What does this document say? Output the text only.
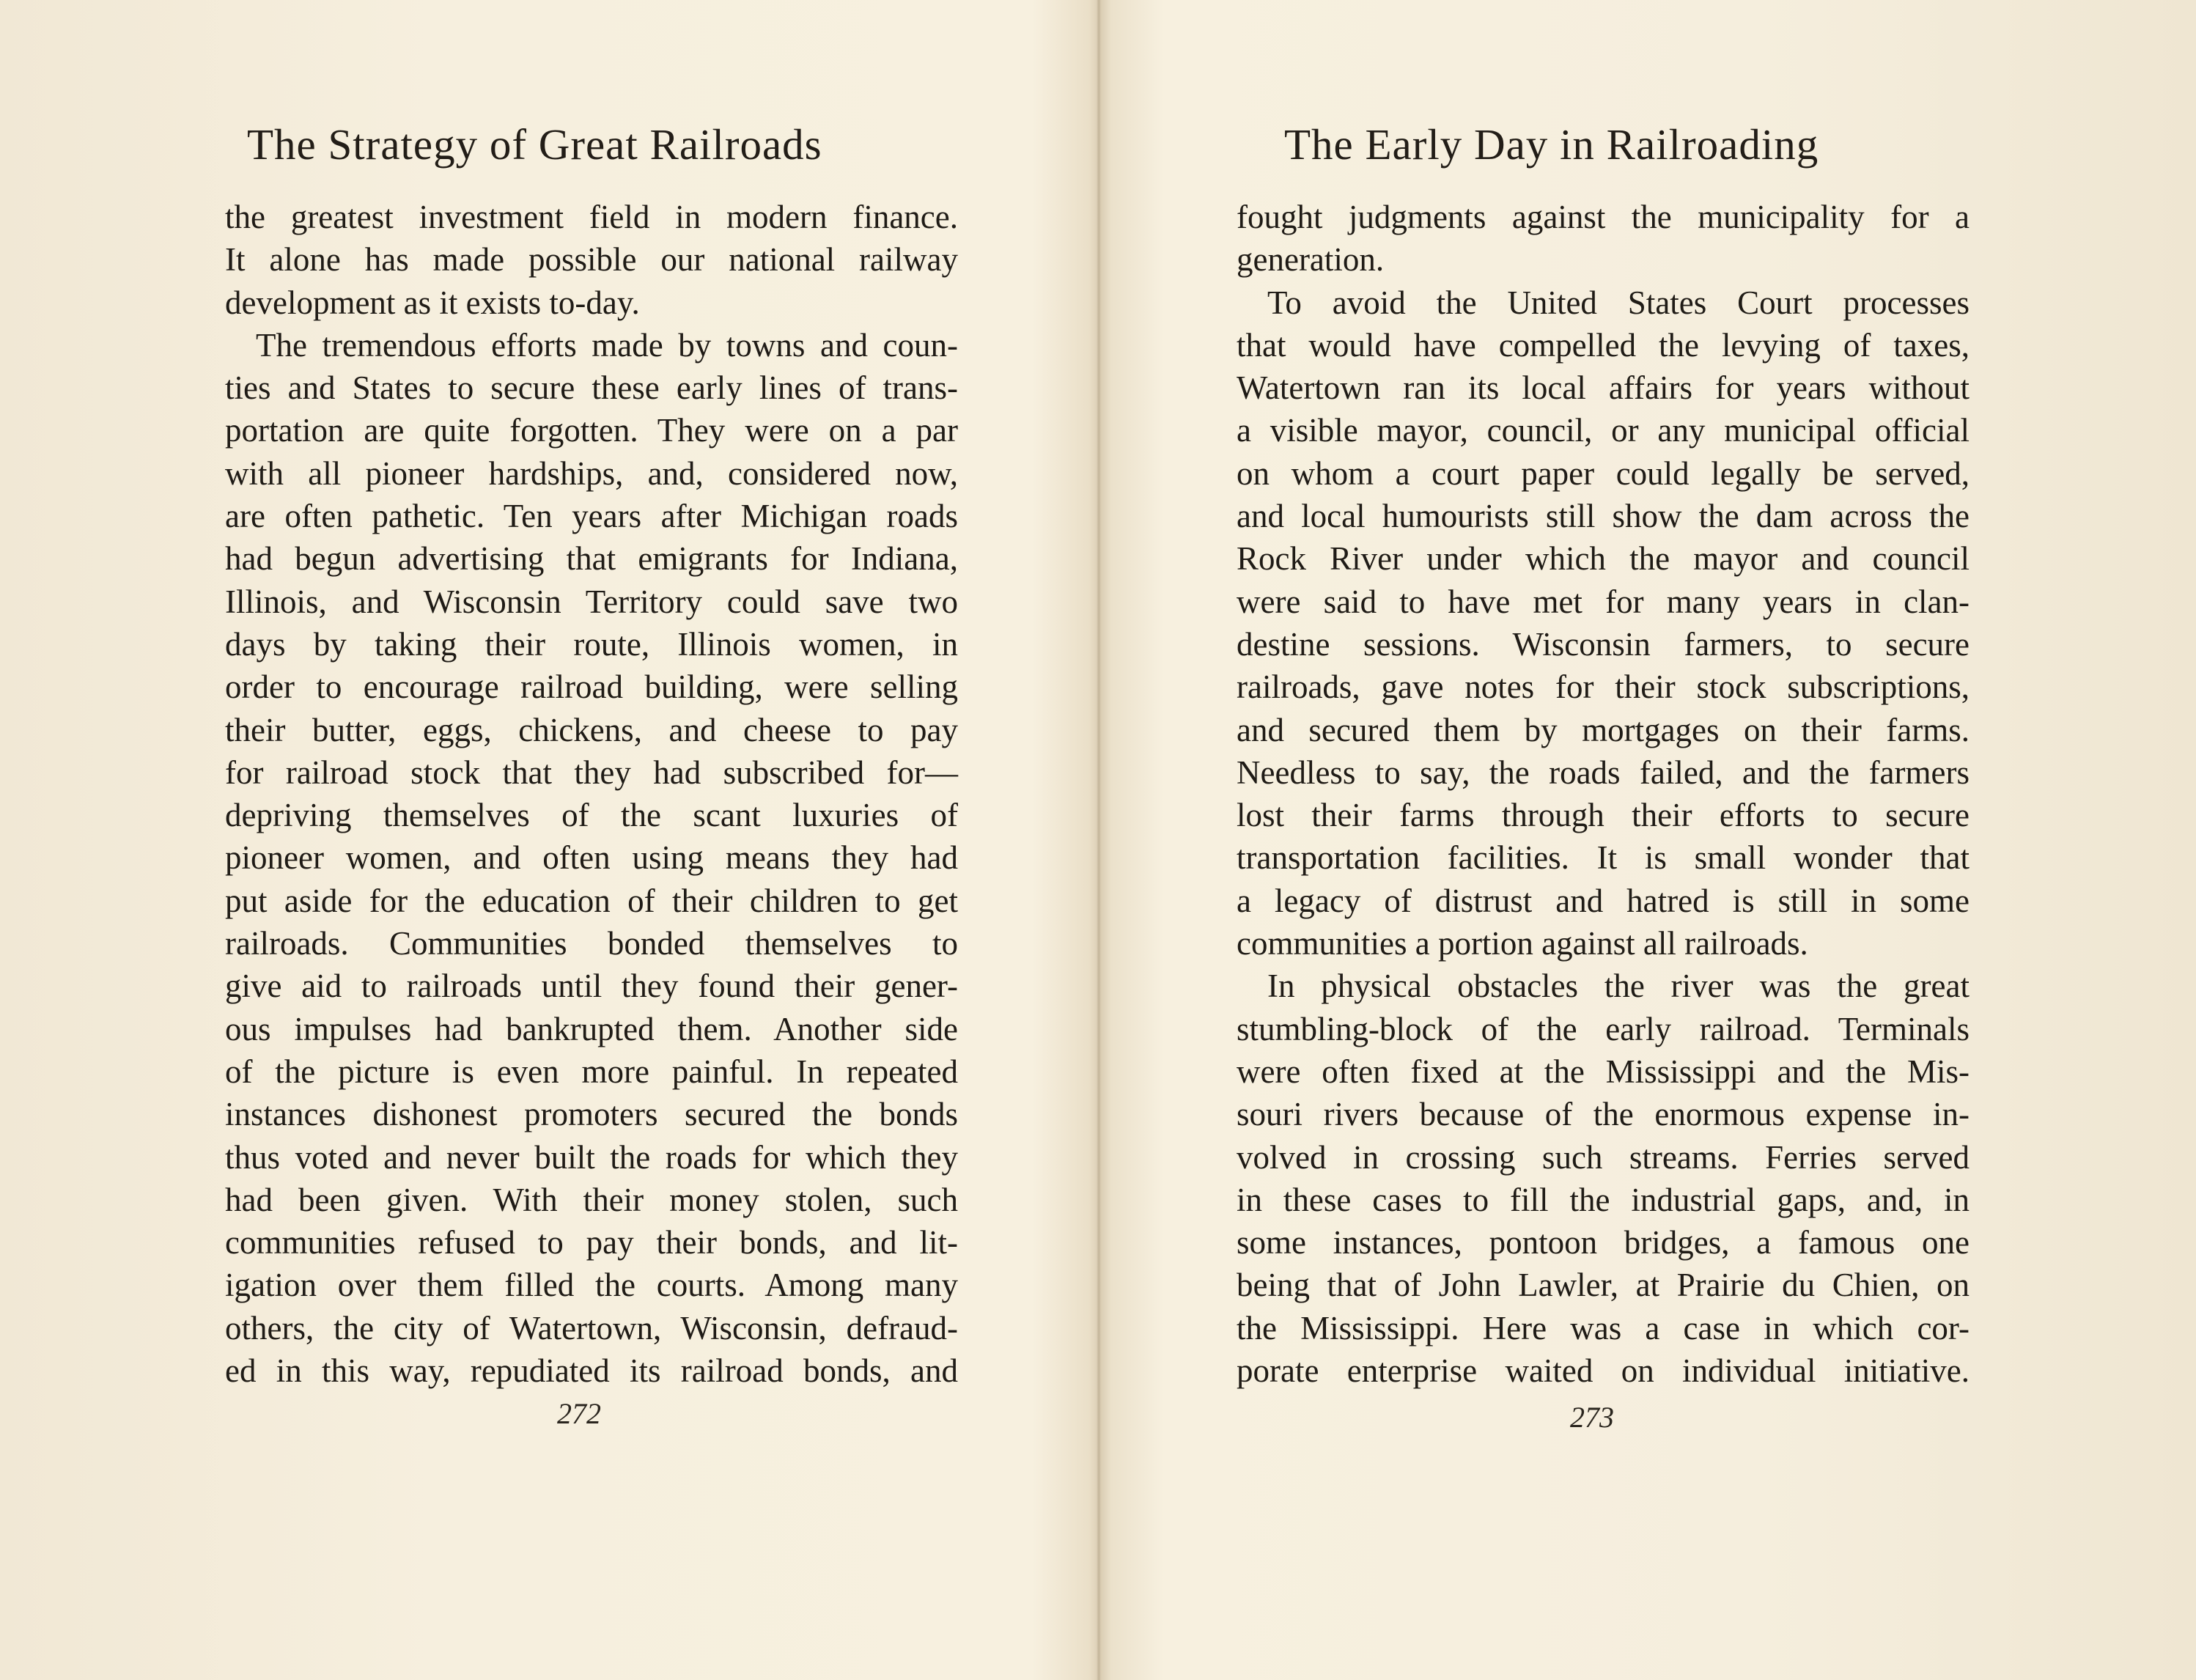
The Strategy of Great Railroads
the greatest investment field in modern finance.
It alone has made possible our national railway
development as it exists to-day.
The tremendous efforts made by towns and coun-
ties and States to secure these early lines of trans-
portation are quite forgotten. They were on a par
with all pioneer hardships, and, considered now,
are often pathetic. Ten years after Michigan roads
had begun advertising that emigrants for Indiana,
Illinois, and Wisconsin Territory could save two
days by taking their route, Illinois women, in
order to encourage railroad building, were selling
their butter, eggs, chickens, and cheese to pay
for railroad stock that they had subscribed for—
depriving themselves of the scant luxuries of
pioneer women, and often using means they had
put aside for the education of their children to get
railroads. Communities bonded themselves to
give aid to railroads until they found their gener-
ous impulses had bankrupted them. Another side
of the picture is even more painful. In repeated
instances dishonest promoters secured the bonds
thus voted and never built the roads for which they
had been given. With their money stolen, such
communities refused to pay their bonds, and lit-
igation over them filled the courts. Among many
others, the city of Watertown, Wisconsin, defraud-
ed in this way, repudiated its railroad bonds, and
272
The Early Day in Railroading
fought judgments against the municipality for a
generation.
To avoid the United States Court processes
that would have compelled the levying of taxes,
Watertown ran its local affairs for years without
a visible mayor, council, or any municipal official
on whom a court paper could legally be served,
and local humourists still show the dam across the
Rock River under which the mayor and council
were said to have met for many years in clan-
destine sessions. Wisconsin farmers, to secure
railroads, gave notes for their stock subscriptions,
and secured them by mortgages on their farms.
Needless to say, the roads failed, and the farmers
lost their farms through their efforts to secure
transportation facilities. It is small wonder that
a legacy of distrust and hatred is still in some
communities a portion against all railroads.
In physical obstacles the river was the great
stumbling-block of the early railroad. Terminals
were often fixed at the Mississippi and the Mis-
souri rivers because of the enormous expense in-
volved in crossing such streams. Ferries served
in these cases to fill the industrial gaps, and, in
some instances, pontoon bridges, a famous one
being that of John Lawler, at Prairie du Chien, on
the Mississippi. Here was a case in which cor-
porate enterprise waited on individual initiative.
273
